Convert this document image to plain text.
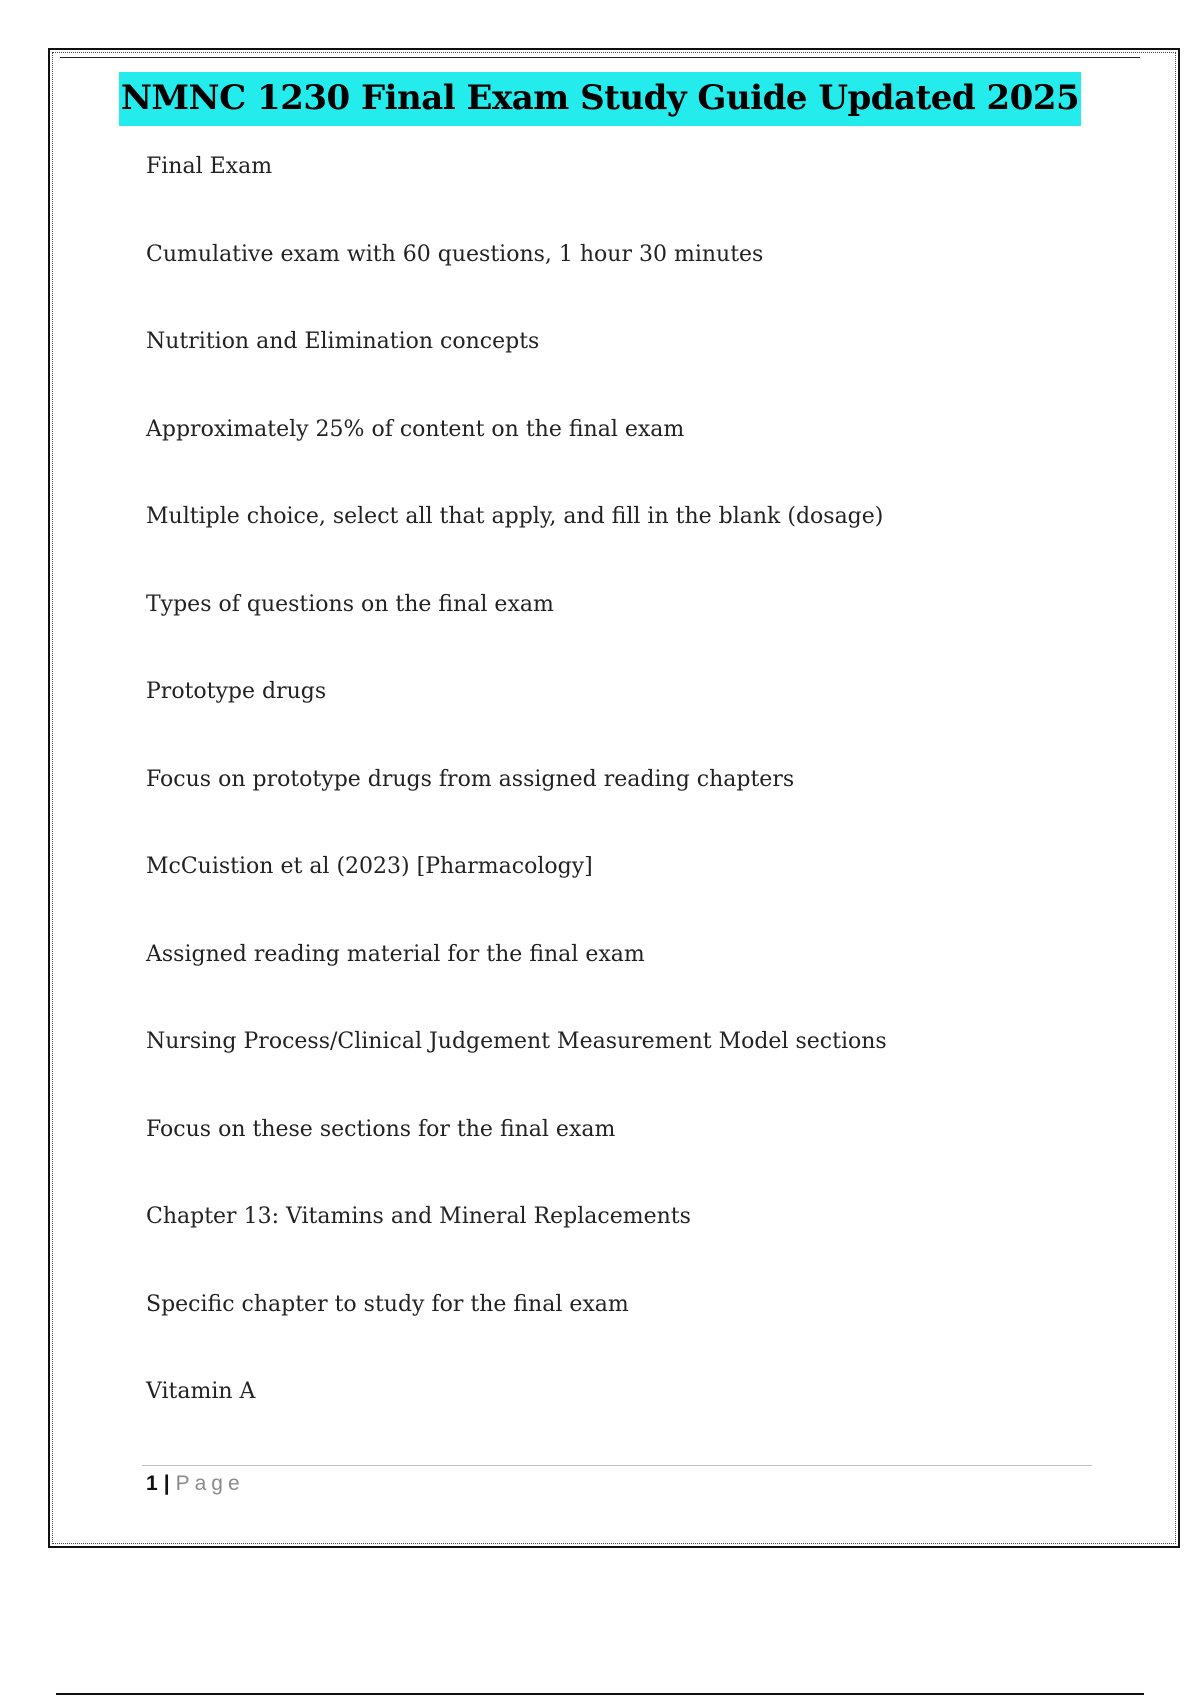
NMNC 1230 Final Exam Study Guide Updated 2025
Final Exam
Cumulative exam with 60 questions, 1 hour 30 minutes
Nutrition and Elimination concepts
Approximately 25% of content on the final exam
Multiple choice, select all that apply, and fill in the blank (dosage)
Types of questions on the final exam
Prototype drugs
Focus on prototype drugs from assigned reading chapters
McCuistion et al (2023) [Pharmacology]
Assigned reading material for the final exam
Nursing Process/Clinical Judgement Measurement Model sections
Focus on these sections for the final exam
Chapter 13: Vitamins and Mineral Replacements
Specific chapter to study for the final exam
Vitamin A
1 | Page
